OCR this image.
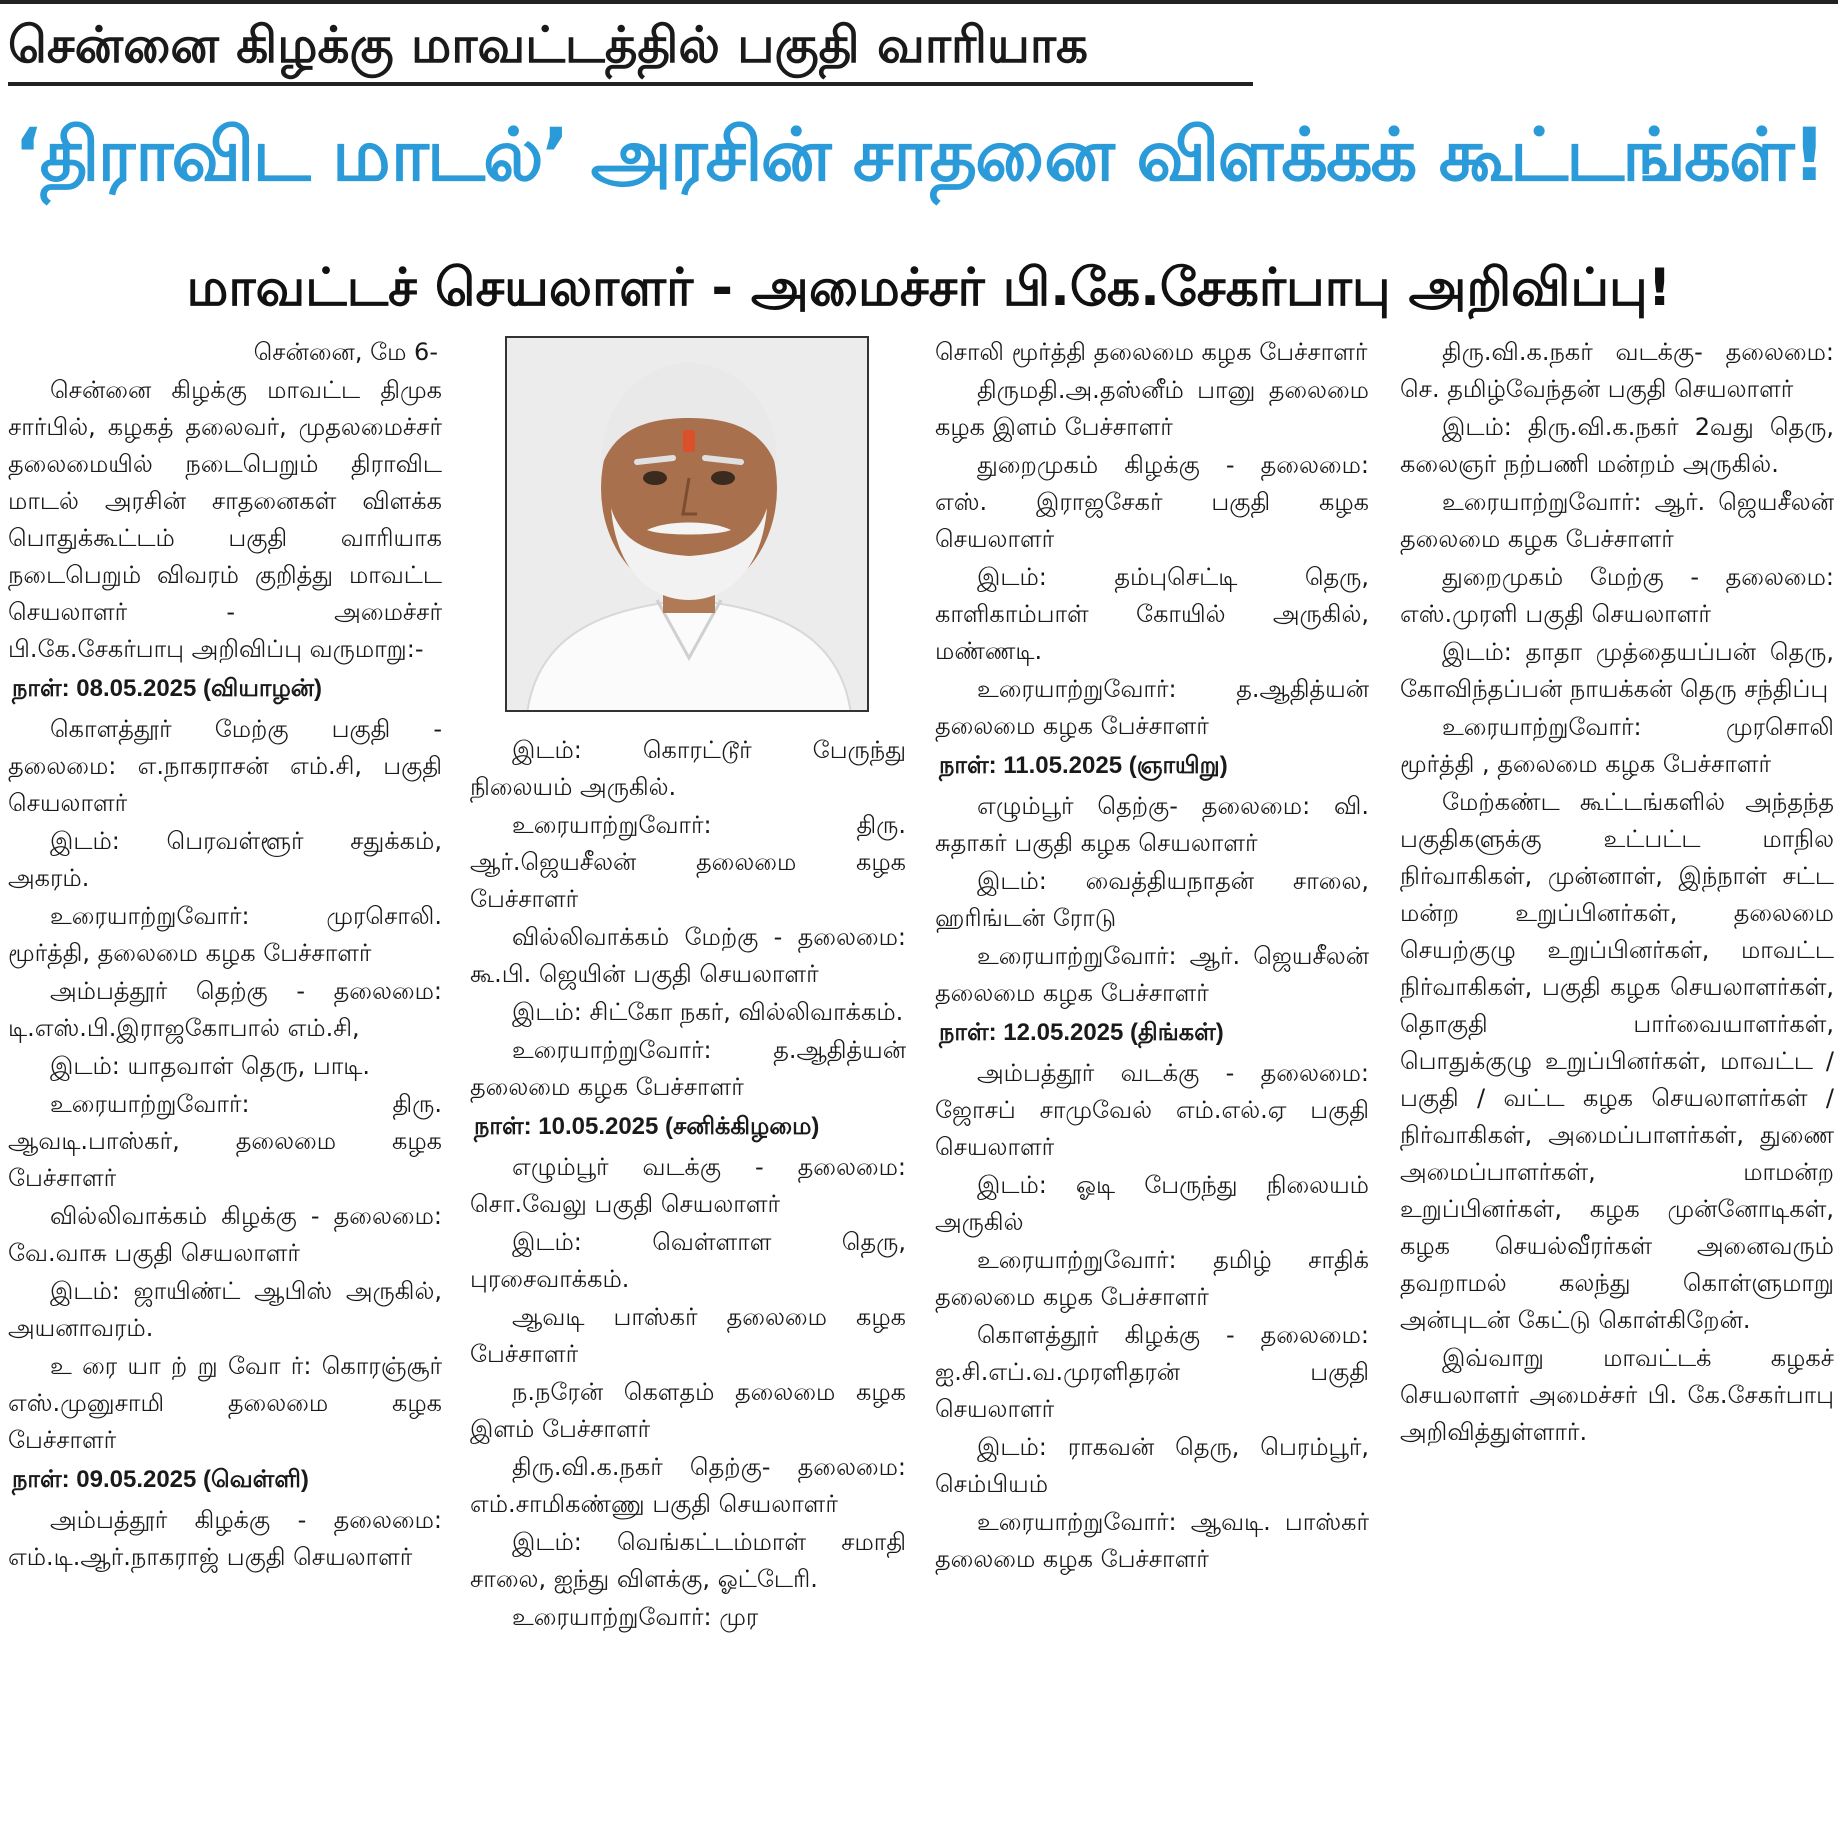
சென்னை கிழக்கு மாவட்டத்தில் பகுதி வாரியாக
‘திராவிட மாடல்’ அரசின் சாதனை விளக்கக் கூட்டங்கள்!
மாவட்டச் செயலாளர் - அமைச்சர் பி.கே.சேகர்பாபு அறிவிப்பு!

சென்னை, மே 6-

சென்னை கிழக்கு மாவட்ட திமுக சார்பில், கழகத் தலைவர், முதலமைச்சர் தலைமையில் நடைபெறும் திராவிட மாடல் அரசின் சாதனைகள் விளக்க பொதுக்கூட்டம் பகுதி வாரியாக நடைபெறும் விவரம் குறித்து மாவட்ட செயலாளர் - அமைச்சர் பி.கே.சேகர்பாபு அறிவிப்பு வருமாறு:-

நாள்: 08.05.2025 (வியாழன்)

கொளத்தூர் மேற்கு பகுதி - தலைமை: எ.நாகராசன் எம்.சி, பகுதி செயலாளர்

இடம்: பெரவள்ளூர் சதுக்கம், அகரம்.

உரையாற்றுவோர்: முரசொலி. மூர்த்தி, தலைமை கழக பேச்சாளர்

அம்பத்தூர் தெற்கு - தலைமை: டி.எஸ்.பி.இராஜகோபால் எம்.சி,

இடம்: யாதவாள் தெரு, பாடி.

உரையாற்றுவோர்: திரு. ஆவடி.பாஸ்கர், தலைமை கழக பேச்சாளர்

வில்லிவாக்கம் கிழக்கு - தலைமை: வே.வாசு பகுதி செயலாளர்

இடம்: ஜாயிண்ட் ஆபிஸ் அருகில், அயனாவரம்.

உ ரை யா ற் று வோ ர்: கொரஞ்சூர் எஸ்.முனுசாமி தலைமை கழக பேச்சாளர்

நாள்: 09.05.2025 (வெள்ளி)

அம்பத்தூர் கிழக்கு - தலைமை: எம்.டி.ஆர்.நாகராஜ் பகுதி செயலாளர்

இடம்: கொரட்டூர் பேருந்து நிலையம் அருகில்.

உரையாற்றுவோர்: திரு. ஆர்.ஜெயசீலன் தலைமை கழக பேச்சாளர்

வில்லிவாக்கம் மேற்கு - தலைமை: கூ.பி. ஜெயின் பகுதி செயலாளர்

இடம்: சிட்கோ நகர், வில்லிவாக்கம்.

உரையாற்றுவோர்: த.ஆதித்யன் தலைமை கழக பேச்சாளர்

நாள்: 10.05.2025 (சனிக்கிழமை)

எழும்பூர் வடக்கு - தலைமை: சொ.வேலு பகுதி செயலாளர்

இடம்: வெள்ளாள தெரு, புரசைவாக்கம்.

ஆவடி பாஸ்கர் தலைமை கழக பேச்சாளர்

ந.நரேன் கௌதம் தலைமை கழக இளம் பேச்சாளர்

திரு.வி.க.நகர் தெற்கு- தலைமை: எம்.சாமிகண்ணு பகுதி செயலாளர்

இடம்: வெங்கட்டம்மாள் சமாதி சாலை, ஐந்து விளக்கு, ஓட்டேரி.

உரையாற்றுவோர்: முர

சொலி மூர்த்தி தலைமை கழக பேச்சாளர்

திருமதி.அ.தஸ்னீம் பானு தலைமை கழக இளம் பேச்சாளர்

துறைமுகம் கிழக்கு - தலைமை: எஸ். இராஜசேகர் பகுதி கழக செயலாளர்

இடம்: தம்புசெட்டி தெரு, காளிகாம்பாள் கோயில் அருகில், மண்ணடி.

உரையாற்றுவோர்: த.ஆதித்யன் தலைமை கழக பேச்சாளர்

நாள்: 11.05.2025 (ஞாயிறு)

எழும்பூர் தெற்கு- தலைமை: வி. சுதாகர் பகுதி கழக செயலாளர்

இடம்: வைத்தியநாதன் சாலை, ஹரிங்டன் ரோடு

உரையாற்றுவோர்: ஆர். ஜெயசீலன் தலைமை கழக பேச்சாளர்

நாள்: 12.05.2025 (திங்கள்)

அம்பத்தூர் வடக்கு - தலைமை: ஜோசப் சாமுவேல் எம்.எல்.ஏ பகுதி செயலாளர்

இடம்: ஓடி பேருந்து நிலையம் அருகில்

உரையாற்றுவோர்: தமிழ் சாதிக் தலைமை கழக பேச்சாளர்

கொளத்தூர் கிழக்கு - தலைமை: ஐ.சி.எப்.வ.முரளிதரன் பகுதி செயலாளர்

இடம்: ராகவன் தெரு, பெரம்பூர், செம்பியம்

உரையாற்றுவோர்: ஆவடி. பாஸ்கர் தலைமை கழக பேச்சாளர்

திரு.வி.க.நகர் வடக்கு- தலைமை: செ. தமிழ்வேந்தன் பகுதி செயலாளர்

இடம்: திரு.வி.க.நகர் 2வது தெரு, கலைஞர் நற்பணி மன்றம் அருகில்.

உரையாற்றுவோர்: ஆர். ஜெயசீலன் தலைமை கழக பேச்சாளர்

துறைமுகம் மேற்கு - தலைமை: எஸ்.முரளி பகுதி செயலாளர்

இடம்: தாதா முத்தையப்பன் தெரு, கோவிந்தப்பன் நாயக்கன் தெரு சந்திப்பு

உரையாற்றுவோர்: முரசொலி மூர்த்தி , தலைமை கழக பேச்சாளர்

மேற்கண்ட கூட்டங்களில் அந்தந்த பகுதிகளுக்கு உட்பட்ட மாநில நிர்வாகிகள், முன்னாள், இந்நாள் சட்ட மன்ற உறுப்பினர்கள், தலைமை செயற்குழு உறுப்பினர்கள், மாவட்ட நிர்வாகிகள், பகுதி கழக செயலாளர்கள், தொகுதி பார்வையாளர்கள், பொதுக்குழு உறுப்பினர்கள், மாவட்ட / பகுதி / வட்ட கழக செயலாளர்கள் / நிர்வாகிகள், அமைப்பாளர்கள், துணை அமைப்பாளர்கள், மாமன்ற உறுப்பினர்கள், கழக முன்னோடிகள், கழக செயல்வீரர்கள் அனைவரும் தவறாமல் கலந்து கொள்ளுமாறு அன்புடன் கேட்டு கொள்கிறேன்.

இவ்வாறு மாவட்டக் கழகச் செயலாளர் அமைச்சர் பி. கே.சேகர்பாபு அறிவித்துள்ளார்.
